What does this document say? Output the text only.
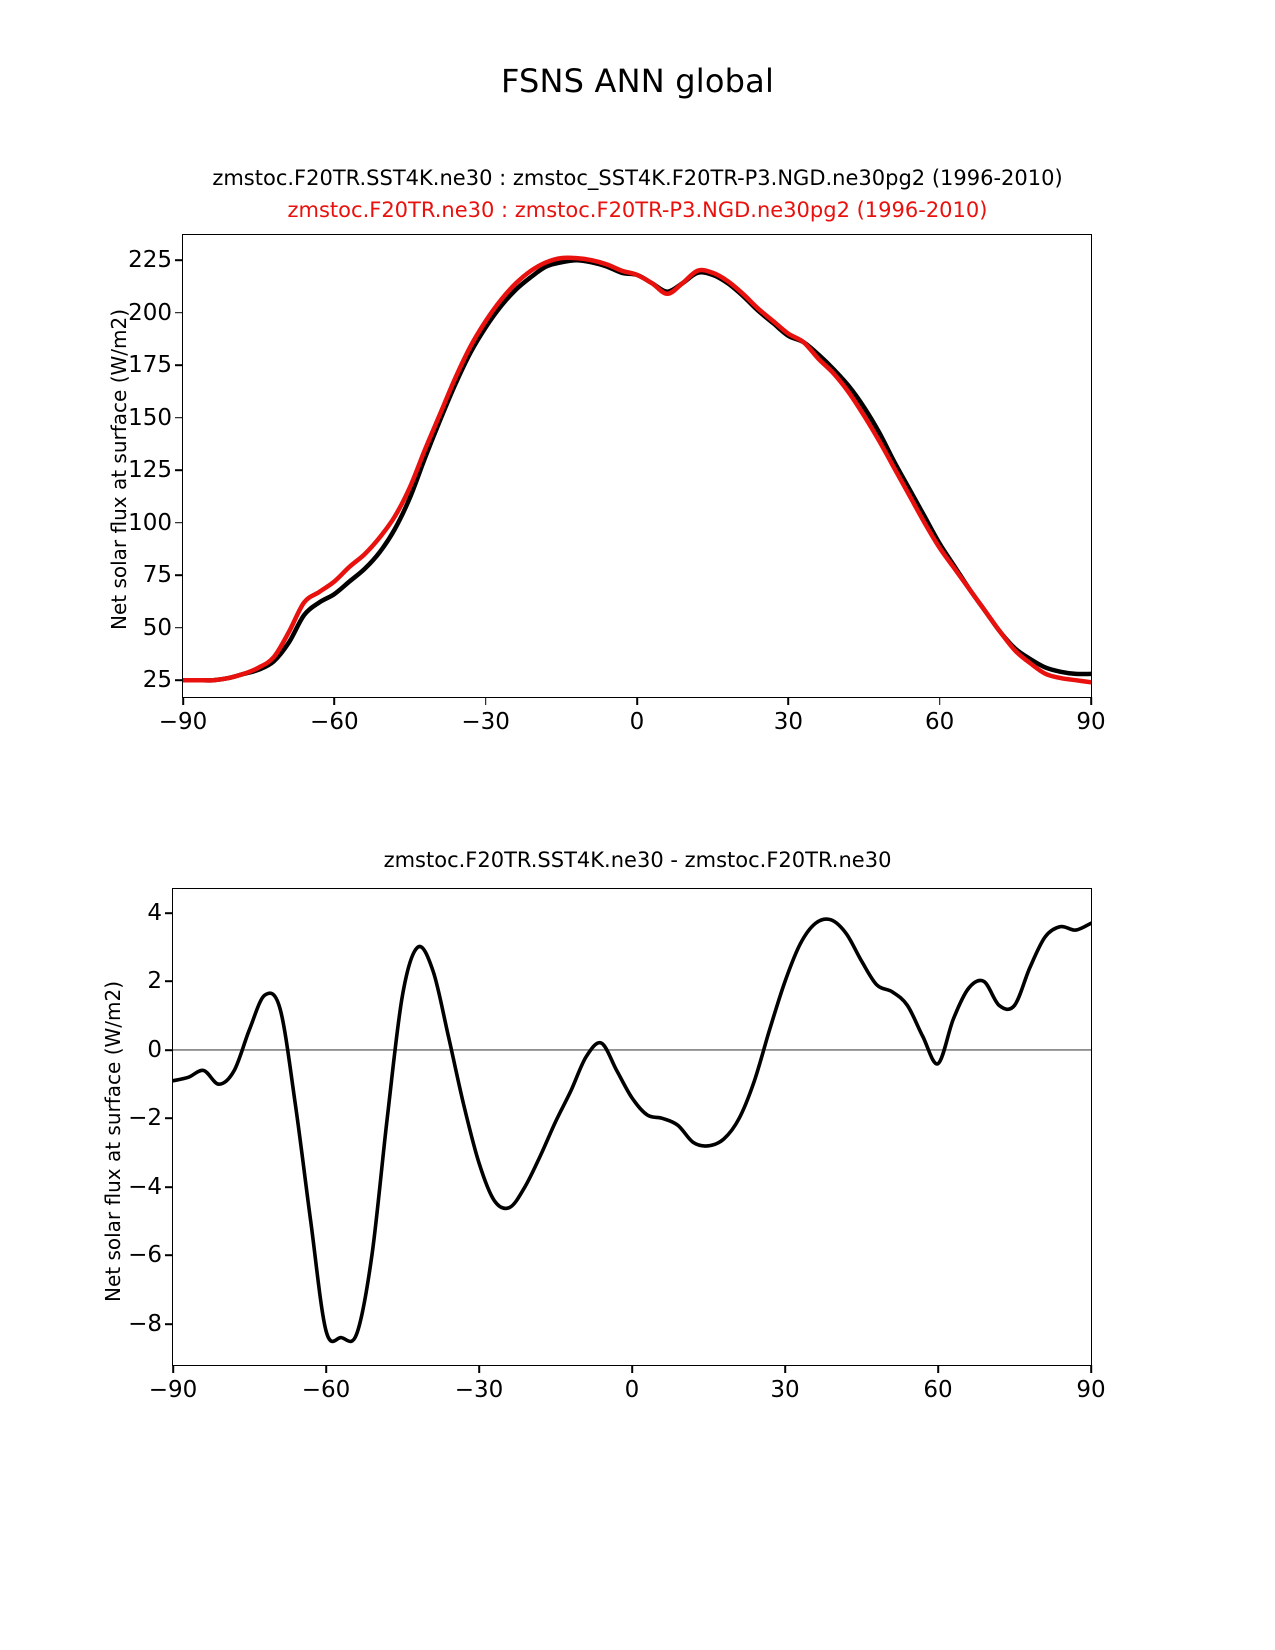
FSNS ANN global
zmstoc.F20TR.SST4K.ne30 : zmstoc_SST4K.F20TR-P3.NGD.ne30pg2 (1996-2010)
zmstoc.F20TR.ne30 : zmstoc.F20TR-P3.NGD.ne30pg2 (1996-2010)
Net solar flux at surface (W/m2)
−90	−60	−30	0	30	60	90
25
50
75
100
125
150
175
200
225
zmstoc.F20TR.SST4K.ne30 - zmstoc.F20TR.ne30
Net solar flux at surface (W/m2)
−90	−60	−30	0	30	60	90
−8
−6
−4
−2
0
2
4
